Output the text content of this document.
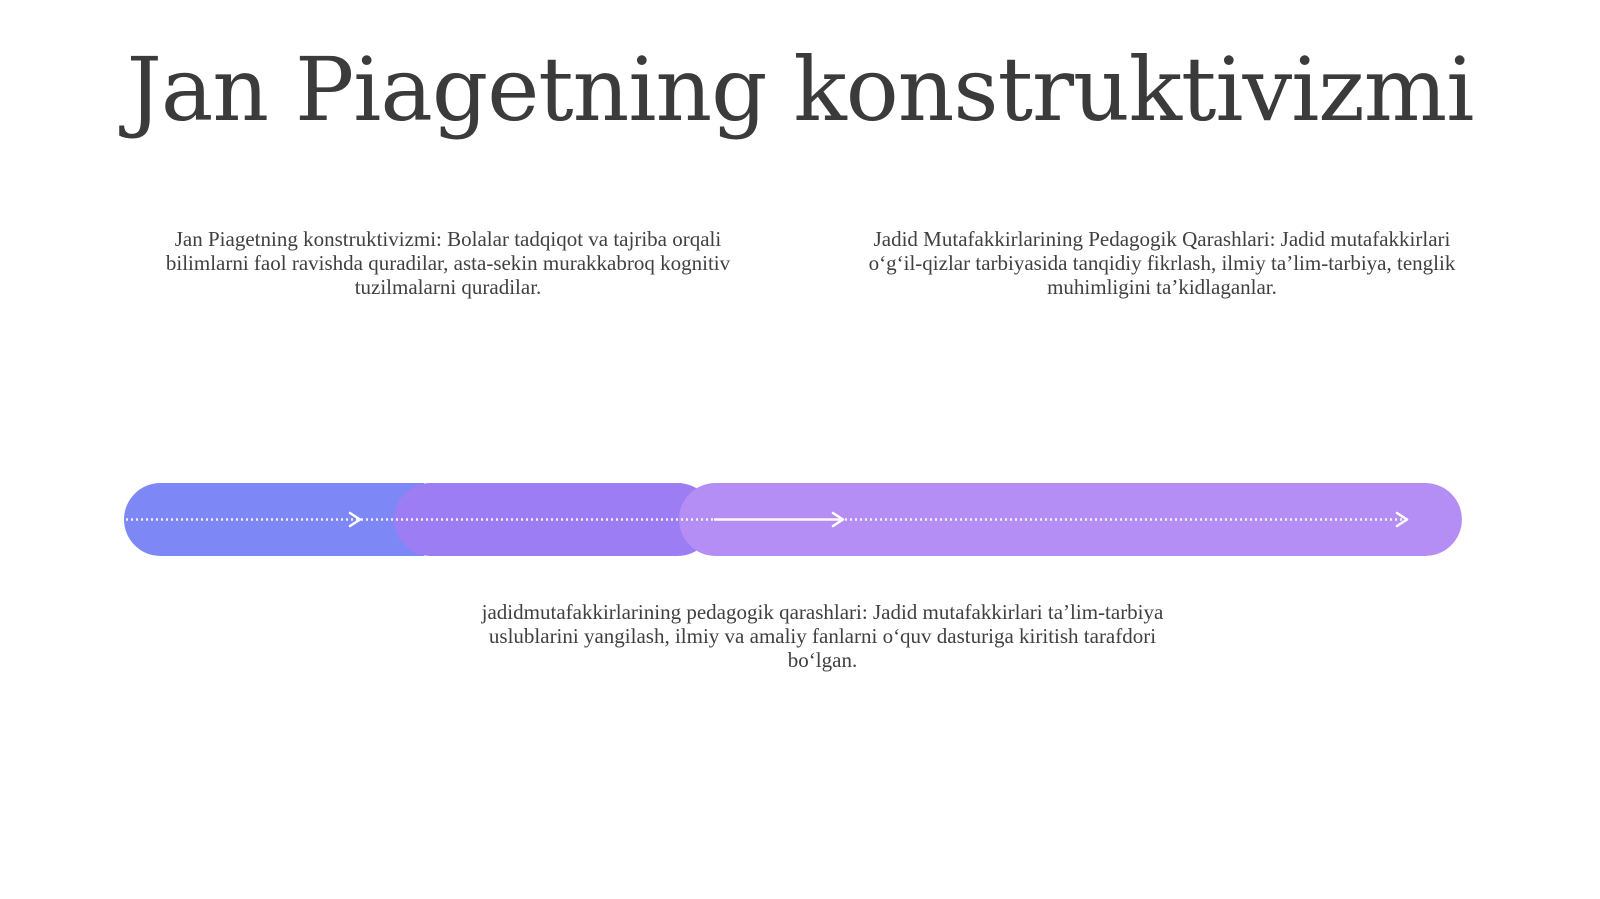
Jan Piagetning konstruktivizmi

Jan Piagetning konstruktivizmi: Bolalar tadqiqot va tajriba orqali bilimlarni faol ravishda quradilar, asta-sekin murakkabroq kognitiv tuzilmalarni quradilar.

Jadid Mutafakkirlarining Pedagogik Qarashlari: Jadid mutafakkirlari o‘g‘il-qizlar tarbiyasida tanqidiy fikrlash, ilmiy ta’lim-tarbiya, tenglik muhimligini ta’kidlaganlar.

jadidmutafakkirlarining pedagogik qarashlari: Jadid mutafakkirlari ta’lim-tarbiya uslublarini yangilash, ilmiy va amaliy fanlarni o‘quv dasturiga kiritish tarafdori bo‘lgan.
